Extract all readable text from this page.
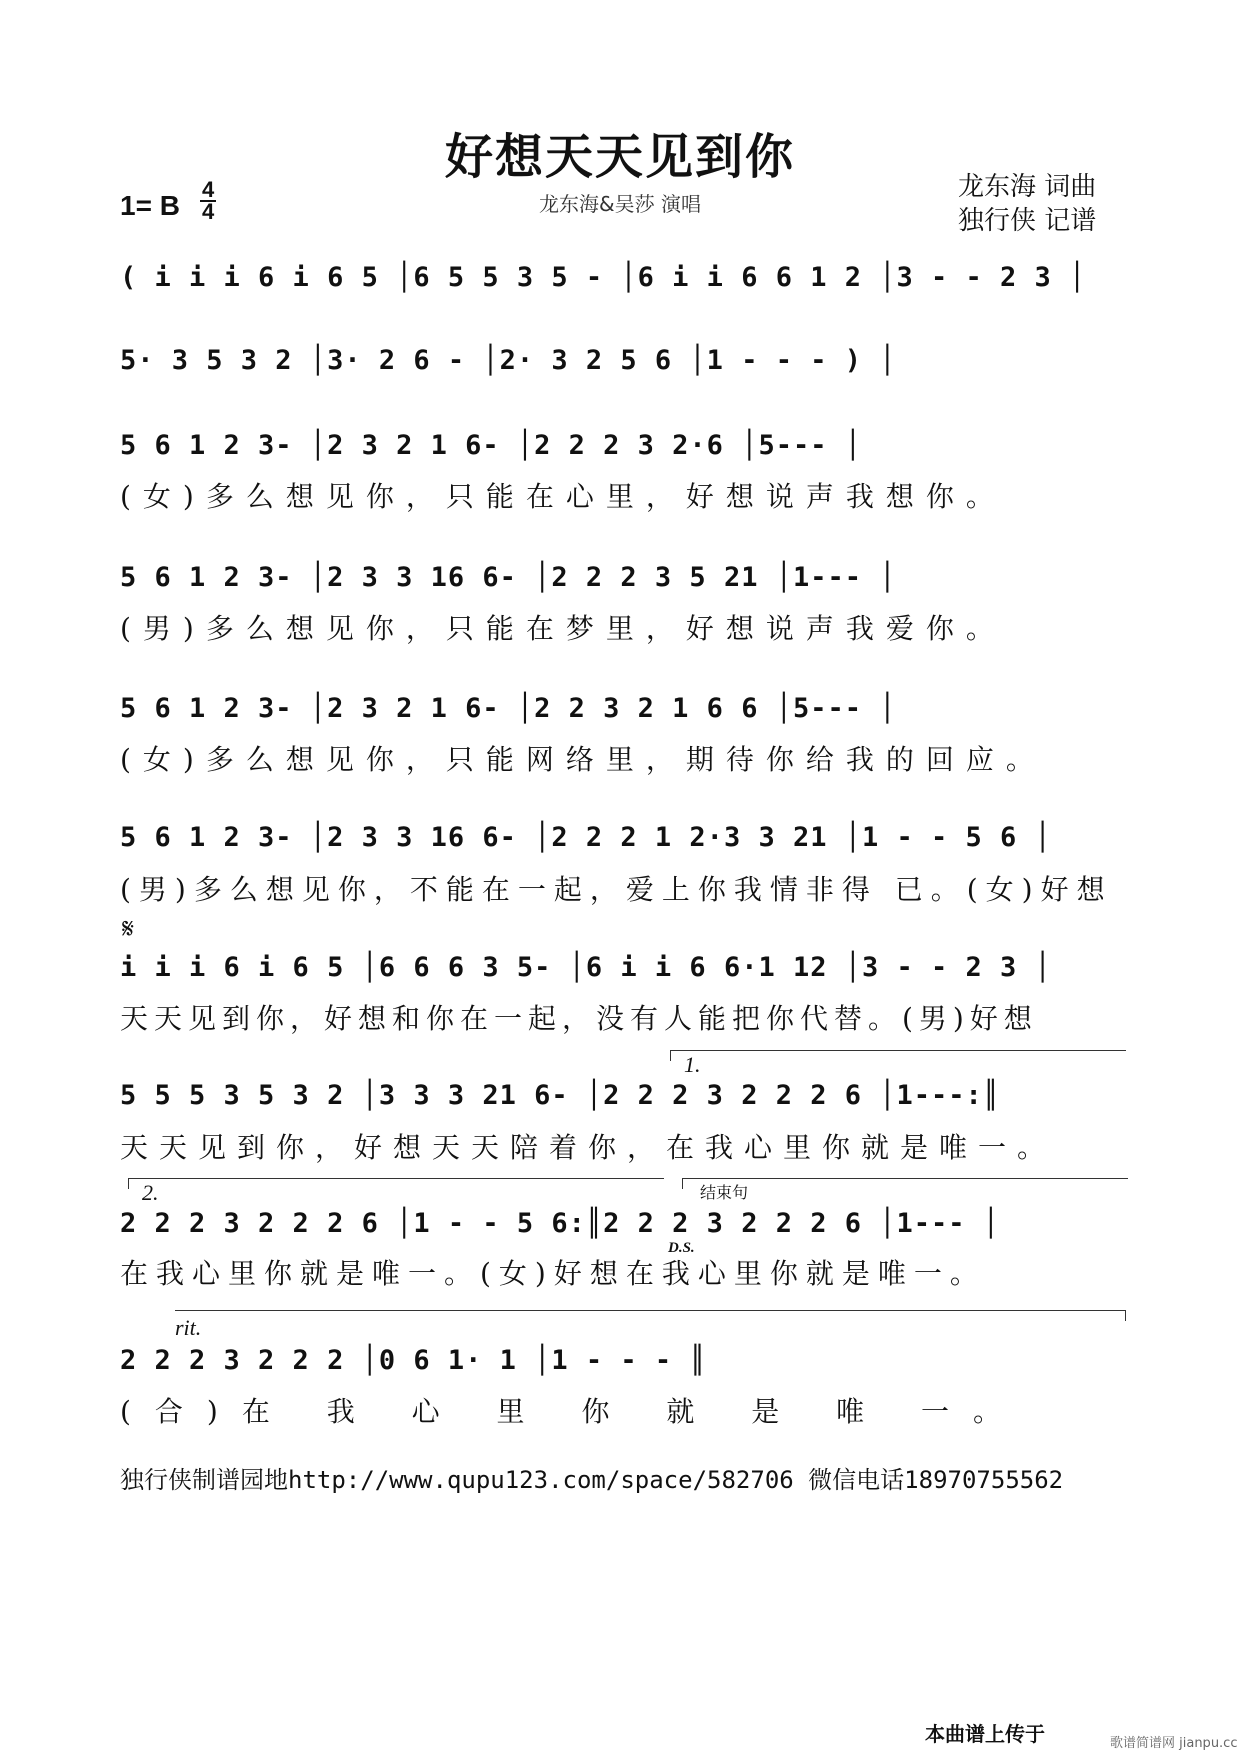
好想天天见到你
龙东海&吴莎 演唱
1= B
4
4
龙东海 词曲
独行侠 记谱
( i i i 6 i 6 5 │6 5 5 3 5 - │6 i i 6 6 1 2 │3 - - 2 3 │
5· 3 5 3 2 │3· 2 6 - │2· 3 2 5 6 │1 - - - ) │
5 6 1 2 3- │2 3 2 1 6- │2 2 2 3 2·6 │5--- │
(女)多么想见你，只能在心里，好想说声我想你。
5 6 1 2 3- │2 3 3 16 6- │2 2 2 3 5 21 │1--- │
(男)多么想见你，只能在梦里，好想说声我爱你。
5 6 1 2 3- │2 3 2 1 6- │2 2 3 2 1 6 6 │5--- │
(女)多么想见你，只能网络里，期待你给我的回应。
5 6 1 2 3- │2 3 3 16 6- │2 2 2 1 2·3 3 21 │1 - - 5 6 │
(男)多么想见你，不能在一起，爱上你我情非得 已。(女)好想
𝄋
i i i 6 i 6 5 │6 6 6 3 5- │6 i i 6 6·1 12 │3 - - 2 3 │
天天见到你，好想和你在一起，没有人能把你代替。(男)好想
1.
5 5 5 3 5 3 2 │3 3 3 21 6- │2 2 2 3 2 2 2 6 │1---:║
天天见到你，好想天天陪着你，在我心里你就是唯一。
2.	结束句
2 2 2 3 2 2 2 6 │1 - - 5 6:║2 2 2 3 2 2 2 6 │1--- │
D.S.
在我心里你就是唯一。(女)好想在我心里你就是唯一。
rit.
2 2 2 3 2 2 2 │0 6 1· 1 │1 - - - ║
(合)在 我 心 里 你 就 是 唯 一。
独行侠制谱园地http://www.qupu123.com/space/582706 微信电话18970755562
本曲谱上传于	歌谱简谱网 jianpu.cc
